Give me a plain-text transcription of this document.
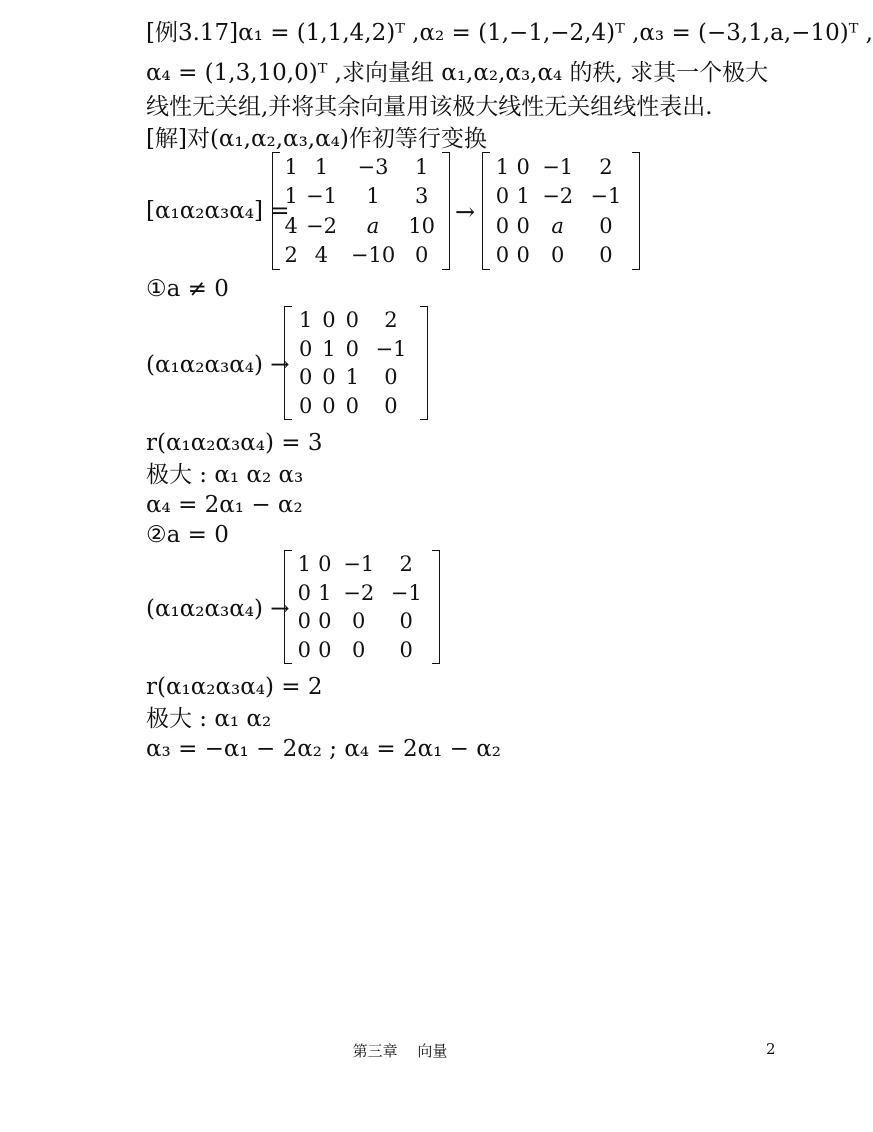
[例3.17]α₁ = (1,1,4,2)ᵀ ,α₂ = (1,−1,−2,4)ᵀ ,α₃ = (−3,1,a,−10)ᵀ ,
α₄ = (1,3,10,0)ᵀ ,求向量组 α₁,α₂,α₃,α₄ 的秩, 求其一个极大
线性无关组,并将其余向量用该极大线性无关组线性表出.
[解]对(α₁,α₂,α₃,α₄)作初等行变换
[α₁α₂α₃α₄] =
1	1	−3	1
1	−1	1	3
4	−2	a	10
2	4	−10	0
→
1	0	−1	2
0	1	−2	−1
0	0	a	0
0	0	0	0
①a ≠ 0
(α₁α₂α₃α₄) →
1	0	0	2
0	1	0	−1
0	0	1	0
0	0	0	0
r(α₁α₂α₃α₄) = 3
极大 : α₁ α₂ α₃
α₄ = 2α₁ − α₂
②a = 0
(α₁α₂α₃α₄) →
1	0	−1	2
0	1	−2	−1
0	0	0	0
0	0	0	0
r(α₁α₂α₃α₄) = 2
极大 : α₁ α₂
α₃ = −α₁ − 2α₂ ; α₄ = 2α₁ − α₂
第三章　 向量	2
